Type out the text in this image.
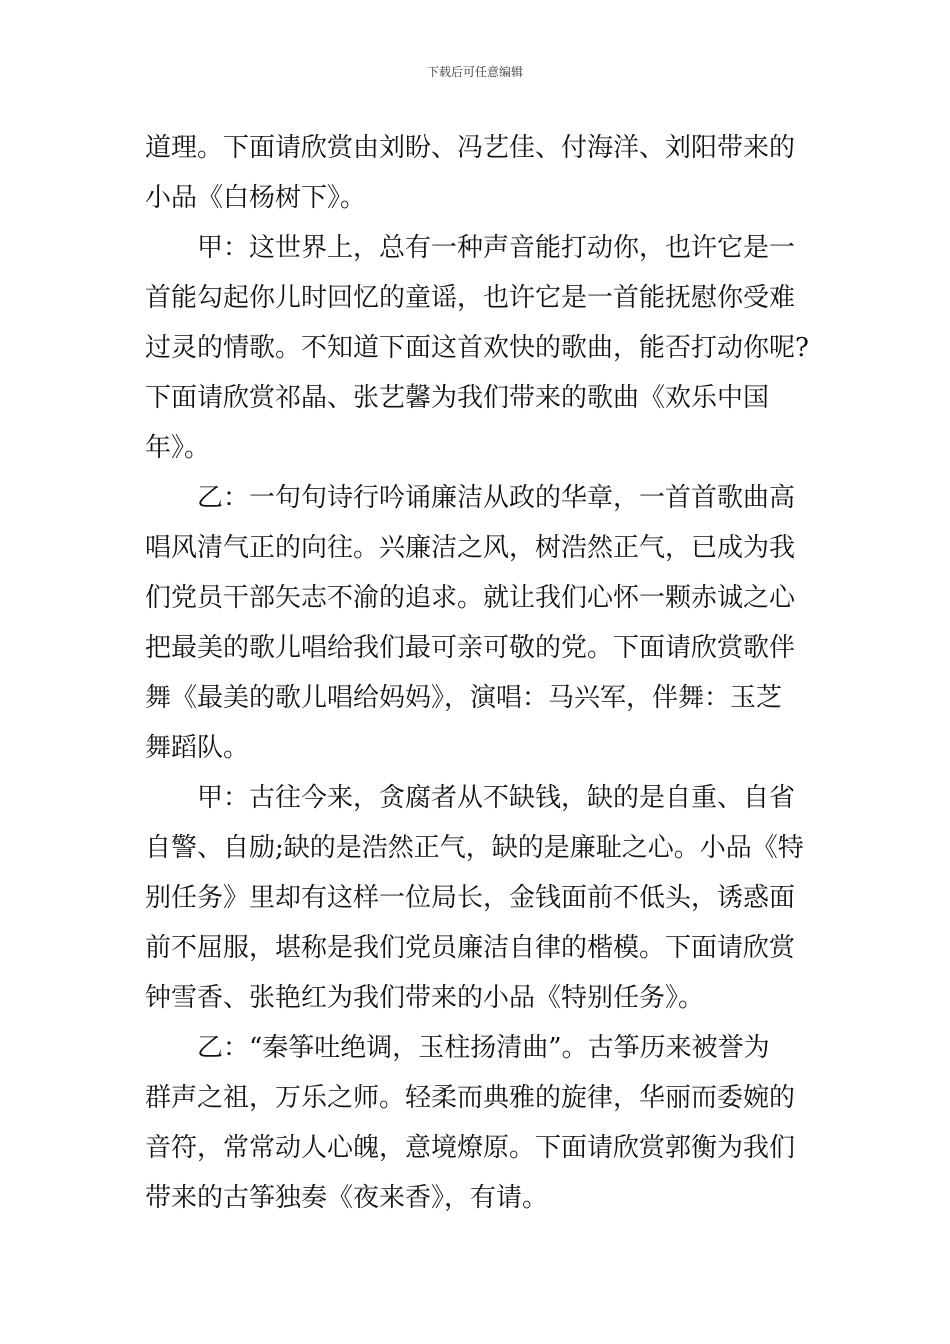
下载后可任意编辑
道理。下面请欣赏由刘盼、冯艺佳、付海洋、刘阳带来的
小品《白杨树下》。
甲：这世界上，总有一种声音能打动你，也许它是一
首能勾起你儿时回忆的童谣，也许它是一首能抚慰你受难
过灵的情歌。不知道下面这首欢快的歌曲，能否打动你呢?
下面请欣赏祁晶、张艺馨为我们带来的歌曲《欢乐中国
年》。
乙：一句句诗行吟诵廉洁从政的华章，一首首歌曲高
唱风清气正的向往。兴廉洁之风，树浩然正气，已成为我
们党员干部矢志不渝的追求。就让我们心怀一颗赤诚之心
把最美的歌儿唱给我们最可亲可敬的党。下面请欣赏歌伴
舞《最美的歌儿唱给妈妈》，演唱：马兴军，伴舞：玉芝
舞蹈队。
甲：古往今来，贪腐者从不缺钱，缺的是自重、自省
自警、自励;缺的是浩然正气，缺的是廉耻之心。小品《特
别任务》里却有这样一位局长，金钱面前不低头，诱惑面
前不屈服，堪称是我们党员廉洁自律的楷模。下面请欣赏
钟雪香、张艳红为我们带来的小品《特别任务》。
乙：“秦筝吐绝调，玉柱扬清曲”。古筝历来被誉为
群声之祖，万乐之师。轻柔而典雅的旋律，华丽而委婉的
音符，常常动人心魄，意境燎原。下面请欣赏郭衡为我们
带来的古筝独奏《夜来香》，有请。
